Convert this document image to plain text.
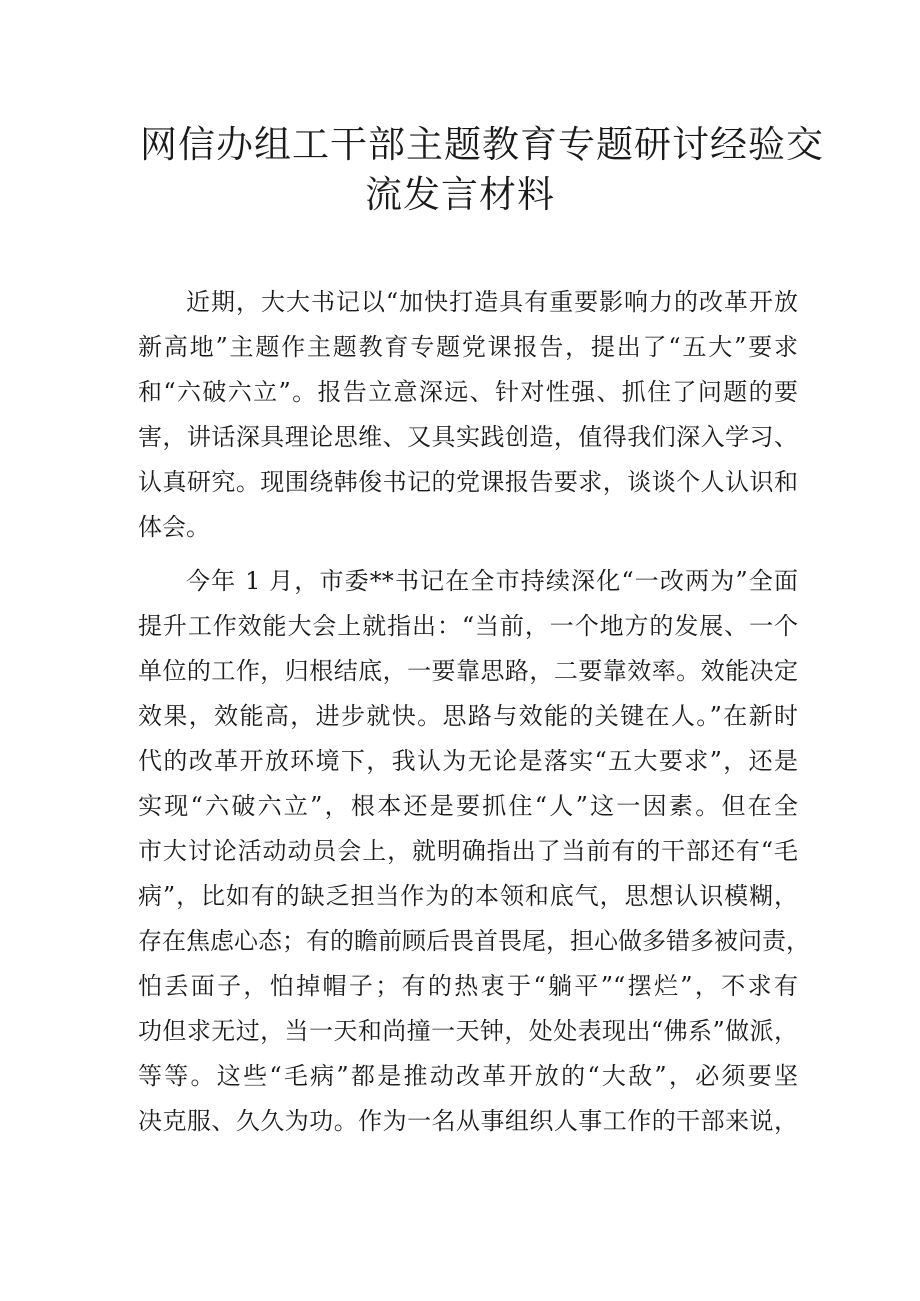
网信办组工干部主题教育专题研讨经验交
流发言材料
近期，大大书记以“加快打造具有重要影响力的改革开放
新高地”主题作主题教育专题党课报告，提出了“五大”要求
和“六破六立”。报告立意深远、针对性强、抓住了问题的要
害，讲话深具理论思维、又具实践创造，值得我们深入学习、
认真研究。现围绕韩俊书记的党课报告要求，谈谈个人认识和
体会。
今年 1 月，市委**书记在全市持续深化“一改两为”全面
提升工作效能大会上就指出：“当前，一个地方的发展、一个
单位的工作，归根结底，一要靠思路，二要靠效率。效能决定
效果，效能高，进步就快。思路与效能的关键在人。”在新时
代的改革开放环境下，我认为无论是落实“五大要求”，还是
实现“六破六立”，根本还是要抓住“人”这一因素。但在全
市大讨论活动动员会上，就明确指出了当前有的干部还有“毛
病”，比如有的缺乏担当作为的本领和底气，思想认识模糊，
存在焦虑心态；有的瞻前顾后畏首畏尾，担心做多错多被问责，
怕丢面子，怕掉帽子；有的热衷于“躺平”“摆烂”，不求有
功但求无过，当一天和尚撞一天钟，处处表现出“佛系”做派，
等等。这些“毛病”都是推动改革开放的“大敌”，必须要坚
决克服、久久为功。作为一名从事组织人事工作的干部来说，
